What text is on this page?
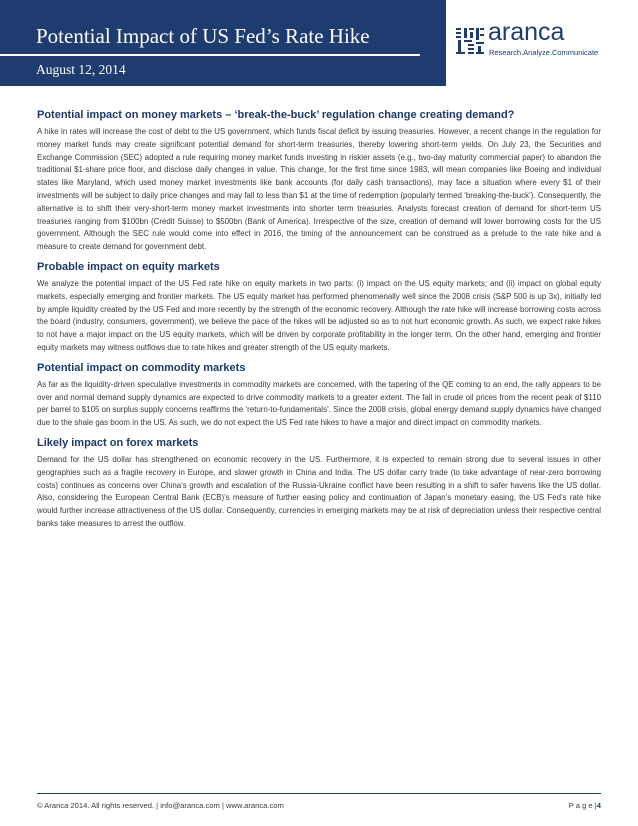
Potential Impact of US Fed’s Rate Hike
August 12, 2014
aranca
Research.Analyze.Communicate
Potential impact on money markets – ‘break-the-buck’ regulation change creating demand?

A hike in rates will increase the cost of debt to the US government, which funds fiscal deficit by issuing treasuries. However, a recent change in the regulation for money market funds may create significant potential demand for short-term treasuries, thereby lowering short-term yields. On July 23, the Securities and Exchange Commission (SEC) adopted a rule requiring money market funds investing in riskier assets (e.g., two-day maturity commercial paper) to abandon the traditional $1-share price floor, and disclose daily changes in value. This change, for the first time since 1983, will mean companies like Boeing and individual states like Maryland, which used money market investments like bank accounts (for daily cash transactions), may face a situation where every $1 of their investments will be subject to daily price changes and may fall to less than $1 at the time of redemption (popularly termed ‘breaking-the-buck’). Consequently, the alternative is to shift their very-short-term money market investments into shorter term treasuries. Analysts forecast creation of demand for short-term US treasuries ranging from $100bn (Credit Suisse) to $500bn (Bank of America). Irrespective of the size, creation of demand will lower borrowing costs for the US government. Although the SEC rule would come into effect in 2016, the timing of the announcement can be construed as a prelude to the rate hike and a measure to create demand for government debt.

Probable impact on equity markets

We analyze the potential impact of the US Fed rate hike on equity markets in two parts: (i) impact on the US equity markets; and (ii) impact on global equity markets, especially emerging and frontier markets. The US equity market has performed phenomenally well since the 2008 crisis (S&P 500 is up 3x), initially led by ample liquidity created by the US Fed and more recently by the strength of the economic recovery. Although the rate hike will increase borrowing costs across the board (industry, consumers, government), we believe the pace of the hikes will be adjusted so as to not hurt economic growth. As such, we expect rake hikes to not have a major impact on the US equity markets, which will be driven by corporate profitability in the longer term. On the other hand, emerging and frontier equity markets may witness outflows due to rate hikes and greater strength of the US equity markets.

Potential impact on commodity markets

As far as the liquidity-driven speculative investments in commodity markets are concerned, with the tapering of the QE coming to an end, the rally appears to be over and normal demand supply dynamics are expected to drive commodity markets to a greater extent. The fall in crude oil prices from the recent peak of $110 per barrel to $105 on surplus supply concerns reaffirms the ‘return-to-fundamentals’. Since the 2008 crisis, global energy demand supply dynamics have changed due to the shale gas boom in the US. As such, we do not expect the US Fed rate hikes to have a major and direct impact on commodity markets.

Likely impact on forex markets

Demand for the US dollar has strengthened on economic recovery in the US. Furthermore, it is expected to remain strong due to several issues in other geographies such as a fragile recovery in Europe, and slower growth in China and India. The US dollar carry trade (to take advantage of near-zero borrowing costs) continues as concerns over China’s growth and escalation of the Russia-Ukraine conflict have been resulting in a shift to safer havens like the US dollar. Also, considering the European Central Bank (ECB)’s measure of further easing policy and continuation of Japan’s monetary easing, the US Fed’s rate hike would further increase attractiveness of the US dollar. Consequently, currencies in emerging markets may be at risk of depreciation unless their respective central banks take measures to arrest the outflow.

© Aranca 2014. All rights reserved. | info@aranca.com | www.aranca.com	P a g e |4
